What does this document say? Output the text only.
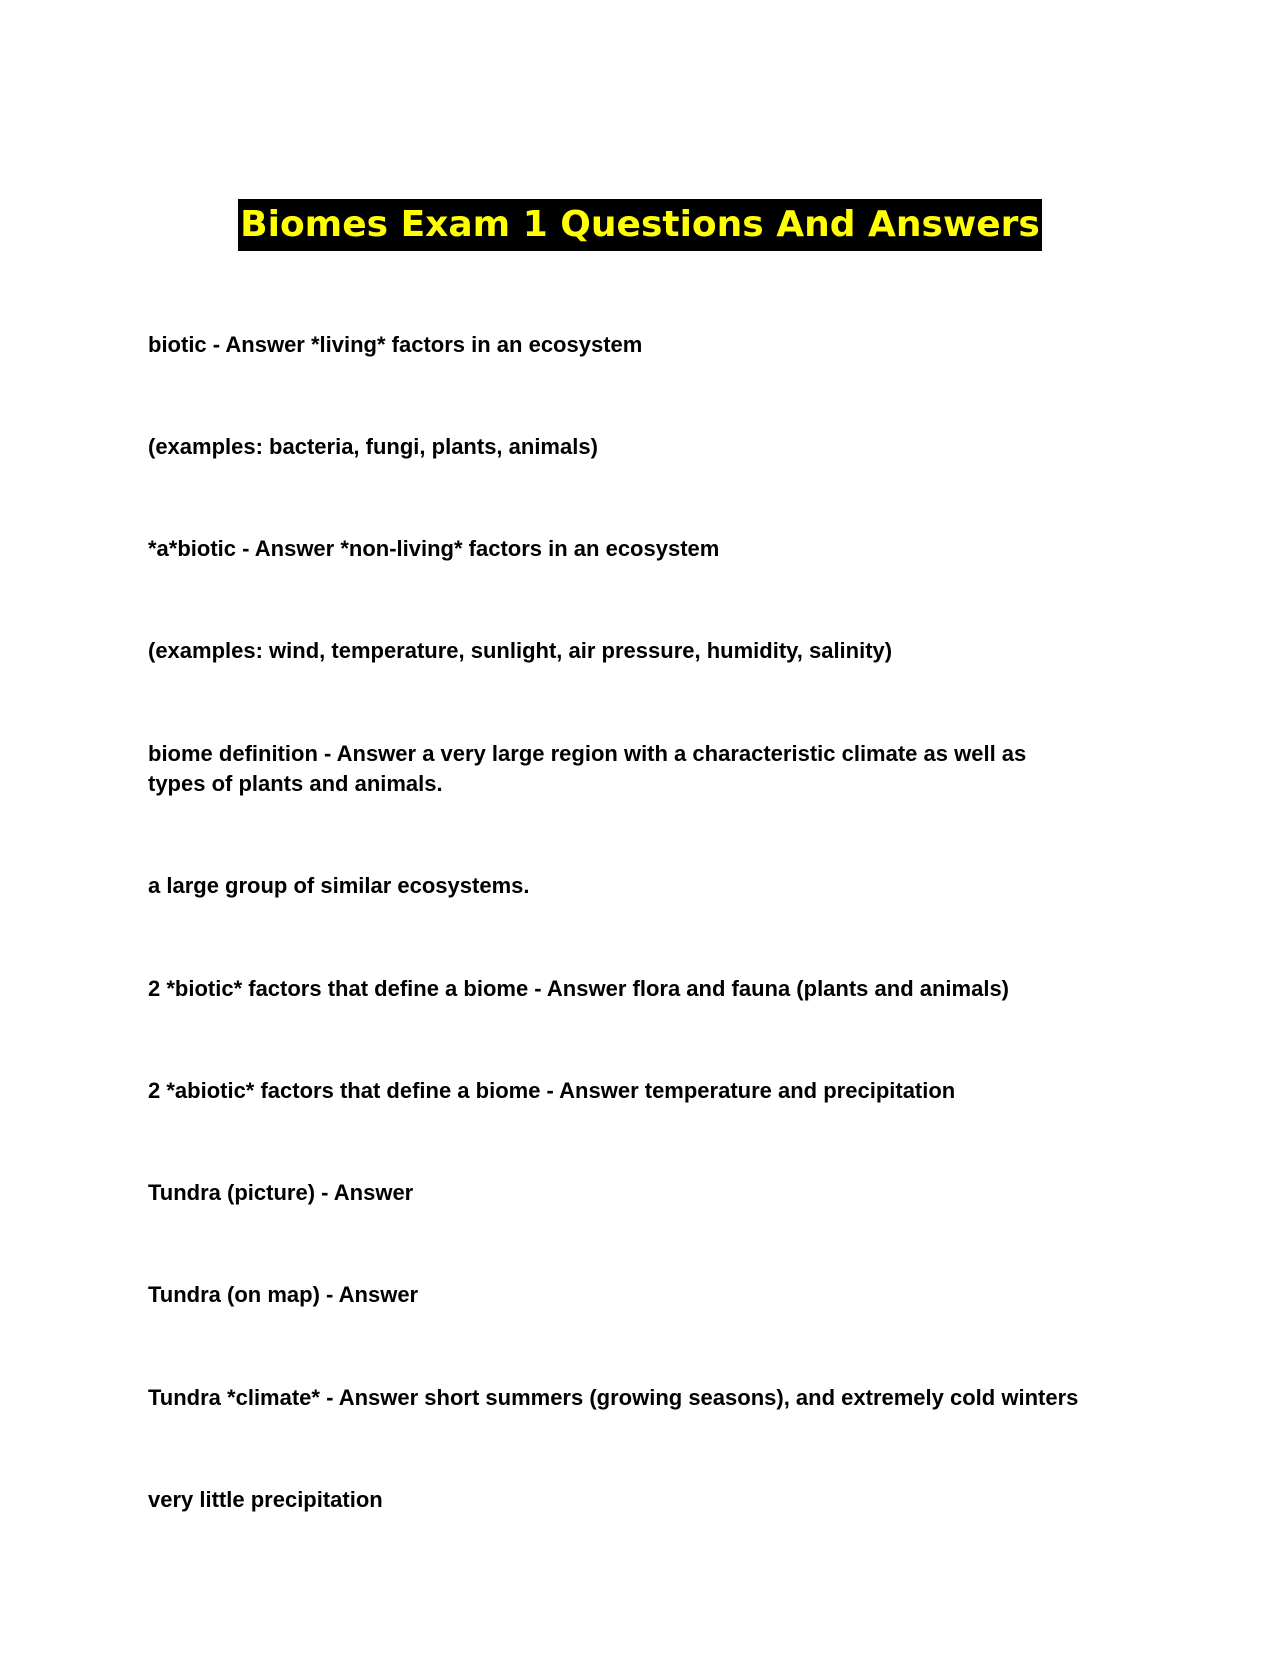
Biomes Exam 1 Questions And Answers
biotic - Answer *living* factors in an ecosystem
(examples: bacteria, fungi, plants, animals)
*a*biotic - Answer *non-living* factors in an ecosystem
(examples: wind, temperature, sunlight, air pressure, humidity, salinity)
biome definition - Answer a very large region with a characteristic climate as well as
types of plants and animals.
a large group of similar ecosystems.
2 *biotic* factors that define a biome - Answer flora and fauna (plants and animals)
2 *abiotic* factors that define a biome - Answer temperature and precipitation
Tundra (picture) - Answer
Tundra (on map) - Answer
Tundra *climate* - Answer short summers (growing seasons), and extremely cold winters
very little precipitation
